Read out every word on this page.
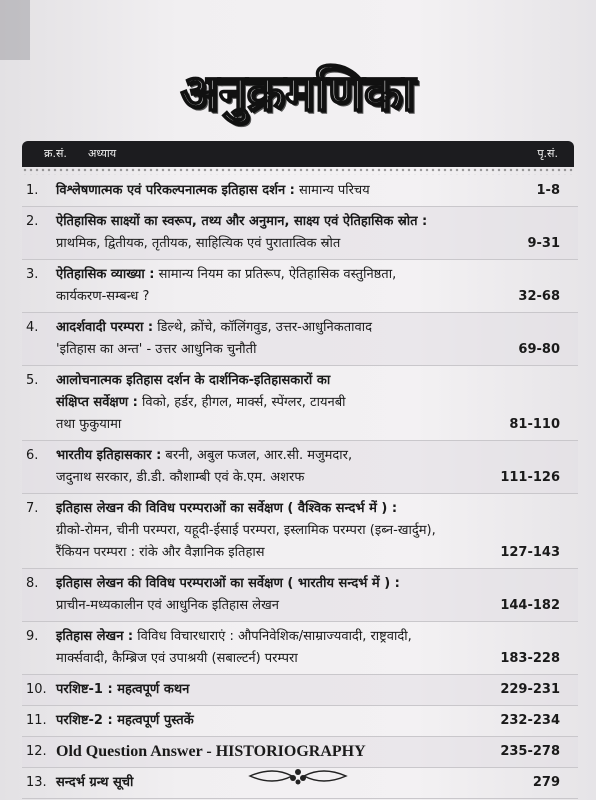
अनुक्रमणिका
क्र.सं. अध्याय	पृ.सं.
1.	विश्लेषणात्मक एवं परिकल्पनात्मक इतिहास दर्शन : सामान्य परिचय	1-8
2.	ऐतिहासिक साक्ष्यों का स्वरूप, तथ्य और अनुमान, साक्ष्य एवं ऐतिहासिक स्रोत :
प्राथमिक, द्वितीयक, तृतीयक, साहित्यिक एवं पुरातात्विक स्रोत	9-31
3.	ऐतिहासिक व्याख्या : सामान्य नियम का प्रतिरूप, ऐतिहासिक वस्तुनिष्ठता,
कार्यकरण-सम्बन्ध ?	32-68
4.	आदर्शवादी परम्परा : डिल्थे, क्रोंचे, कॉलिंगवुड, उत्तर-आधुनिकतावाद
'इतिहास का अन्त' - उत्तर आधुनिक चुनौती	69-80
5.	आलोचनात्मक इतिहास दर्शन के दार्शनिक-इतिहासकारों का
संक्षिप्त सर्वेक्षण : विको, हर्डर, हीगल, मार्क्स, स्पेंग्लर, टायनबी
तथा फुकुयामा	81-110
6.	भारतीय इतिहासकार : बरनी, अबुल फजल, आर.सी. मजुमदार,
जदुनाथ सरकार, डी.डी. कौशाम्बी एवं के.एम. अशरफ	111-126
7.	इतिहास लेखन की विविध परम्पराओं का सर्वेक्षण ( वैश्विक सन्दर्भ में ) :
ग्रीको-रोमन, चीनी परम्परा, यहूदी-ईसाई परम्परा, इस्लामिक परम्परा (इब्न-खार्दुम),
रैंकियन परम्परा : रांके और वैज्ञानिक इतिहास	127-143
8.	इतिहास लेखन की विविध परम्पराओं का सर्वेक्षण ( भारतीय सन्दर्भ में ) :
प्राचीन-मध्यकालीन एवं आधुनिक इतिहास लेखन	144-182
9.	इतिहास लेखन : विविध विचारधाराएं : औपनिवेशिक/साम्राज्यवादी, राष्ट्रवादी,
मार्क्सवादी, कैम्ब्रिज एवं उपाश्रयी (सबाल्टर्न) परम्परा	183-228
10. परशिष्ट-1 : महत्वपूर्ण कथन	229-231
11. परशिष्ट-2 : महत्वपूर्ण पुस्तकें	232-234
12. Old Question Answer - HISTORIOGRAPHY	235-278
13. सन्दर्भ ग्रन्थ सूची	279
